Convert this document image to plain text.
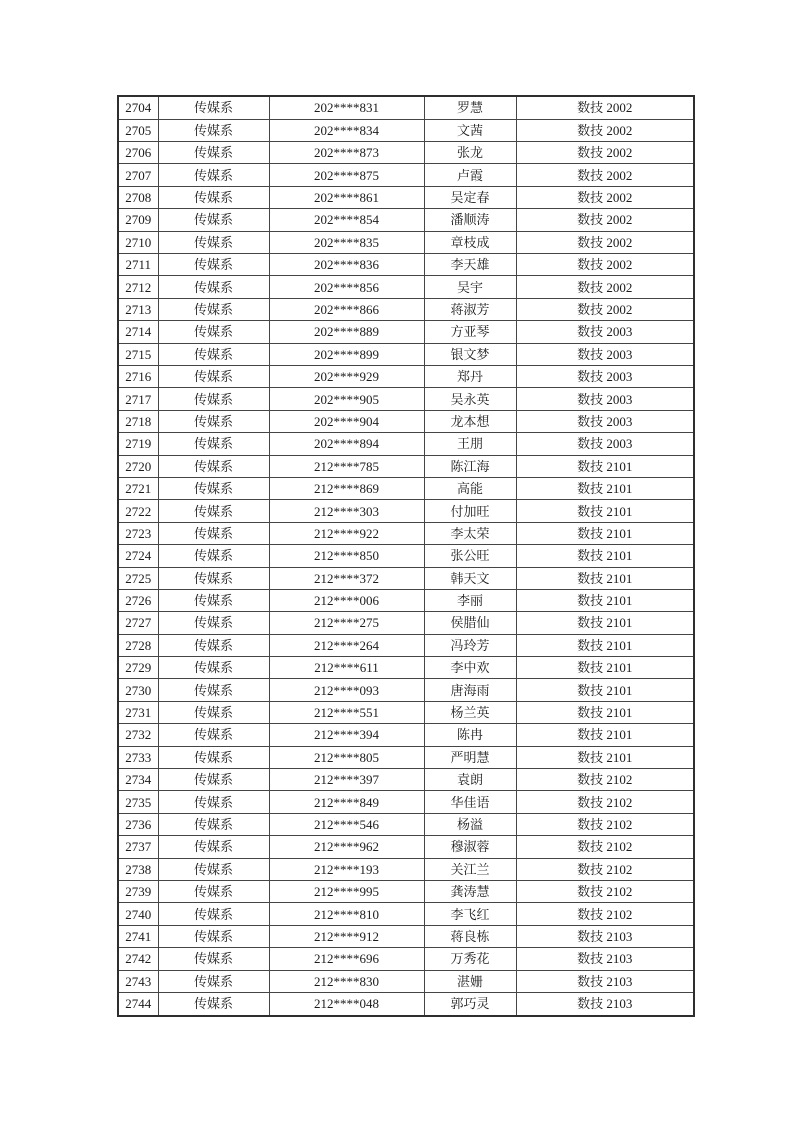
2704	传媒系	202****831	罗慧	数技 2002
2705	传媒系	202****834	文茜	数技 2002
2706	传媒系	202****873	张龙	数技 2002
2707	传媒系	202****875	卢霞	数技 2002
2708	传媒系	202****861	吴定春	数技 2002
2709	传媒系	202****854	潘顺涛	数技 2002
2710	传媒系	202****835	章枝成	数技 2002
2711	传媒系	202****836	李天雄	数技 2002
2712	传媒系	202****856	吴宇	数技 2002
2713	传媒系	202****866	蒋淑芳	数技 2002
2714	传媒系	202****889	方亚琴	数技 2003
2715	传媒系	202****899	银文梦	数技 2003
2716	传媒系	202****929	郑丹	数技 2003
2717	传媒系	202****905	吴永英	数技 2003
2718	传媒系	202****904	龙本想	数技 2003
2719	传媒系	202****894	王朋	数技 2003
2720	传媒系	212****785	陈江海	数技 2101
2721	传媒系	212****869	高能	数技 2101
2722	传媒系	212****303	付加旺	数技 2101
2723	传媒系	212****922	李太荣	数技 2101
2724	传媒系	212****850	张公旺	数技 2101
2725	传媒系	212****372	韩天文	数技 2101
2726	传媒系	212****006	李丽	数技 2101
2727	传媒系	212****275	侯腊仙	数技 2101
2728	传媒系	212****264	冯玲芳	数技 2101
2729	传媒系	212****611	李中欢	数技 2101
2730	传媒系	212****093	唐海雨	数技 2101
2731	传媒系	212****551	杨兰英	数技 2101
2732	传媒系	212****394	陈冉	数技 2101
2733	传媒系	212****805	严明慧	数技 2101
2734	传媒系	212****397	袁朗	数技 2102
2735	传媒系	212****849	华佳语	数技 2102
2736	传媒系	212****546	杨溢	数技 2102
2737	传媒系	212****962	穆淑蓉	数技 2102
2738	传媒系	212****193	关江兰	数技 2102
2739	传媒系	212****995	龚涛慧	数技 2102
2740	传媒系	212****810	李飞红	数技 2102
2741	传媒系	212****912	蒋良栋	数技 2103
2742	传媒系	212****696	万秀花	数技 2103
2743	传媒系	212****830	湛姗	数技 2103
2744	传媒系	212****048	郭巧灵	数技 2103
